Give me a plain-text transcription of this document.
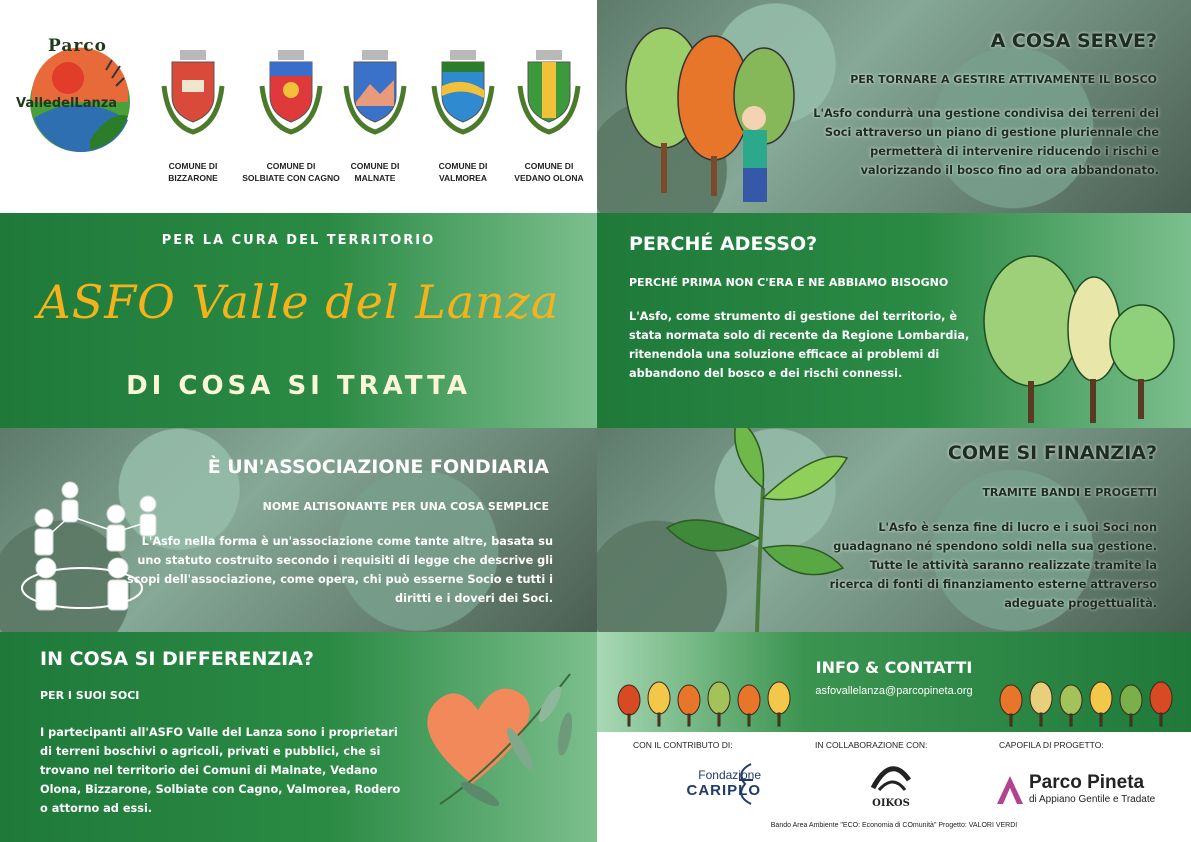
Parco
ValledelLanza
COMUNE DI
BIZZARONE
COMUNE DI
SOLBIATE CON CAGNO
COMUNE DI
MALNATE
COMUNE DI
VALMOREA
COMUNE DI
VEDANO OLONA
A COSA SERVE?
PER TORNARE A GESTIRE ATTIVAMENTE IL BOSCO

L'Asfo condurrà una gestione condivisa dei terreni dei Soci attraverso un piano di gestione pluriennale che permetterà di intervenire riducendo i rischi e valorizzando il bosco fino ad ora abbandonato.

PER LA CURA DEL TERRITORIO
ASFO Valle del Lanza
DI COSA SI TRATTA
PERCHÉ ADESSO?
PERCHÉ PRIMA NON C'ERA E NE ABBIAMO BISOGNO

L'Asfo, come strumento di gestione del territorio, è stata normata solo di recente da Regione Lombardia, ritenendola una soluzione efficace ai problemi di abbandono del bosco e dei rischi connessi.

È UN'ASSOCIAZIONE FONDIARIA
NOME ALTISONANTE PER UNA COSA SEMPLICE

L'Asfo nella forma è un'associazione come tante altre, basata su uno statuto costruito secondo i requisiti di legge che descrive gli scopi dell'associazione, come opera, chi può esserne Socio e tutti i diritti e i doveri dei Soci.

COME SI FINANZIA?
TRAMITE BANDI E PROGETTI

L'Asfo è senza fine di lucro e i suoi Soci non guadagnano né spendono soldi nella sua gestione. Tutte le attività saranno realizzate tramite la ricerca di fonti di finanziamento esterne attraverso adeguate progettualità.

IN COSA SI DIFFERENZIA?
PER I SUOI SOCI

I partecipanti all'ASFO Valle del Lanza sono i proprietari di terreni boschivi o agricoli, privati e pubblici, che si trovano nel territorio dei Comuni di Malnate, Vedano Olona, Bizzarone, Solbiate con Cagno, Valmorea, Rodero o attorno ad essi.

INFO & CONTATTI
asfovallelanza@parcopineta.org
CON IL CONTRIBUTO DI:	IN COLLABORAZIONE CON:	CAPOFILA DI PROGETTO:
Fondazione
CARIPLO
OIKOS
Parco Pineta
di Appiano Gentile e Tradate
Bando Area Ambiente "ECO: Economia di COmunità" Progetto: VALORI VERDI
